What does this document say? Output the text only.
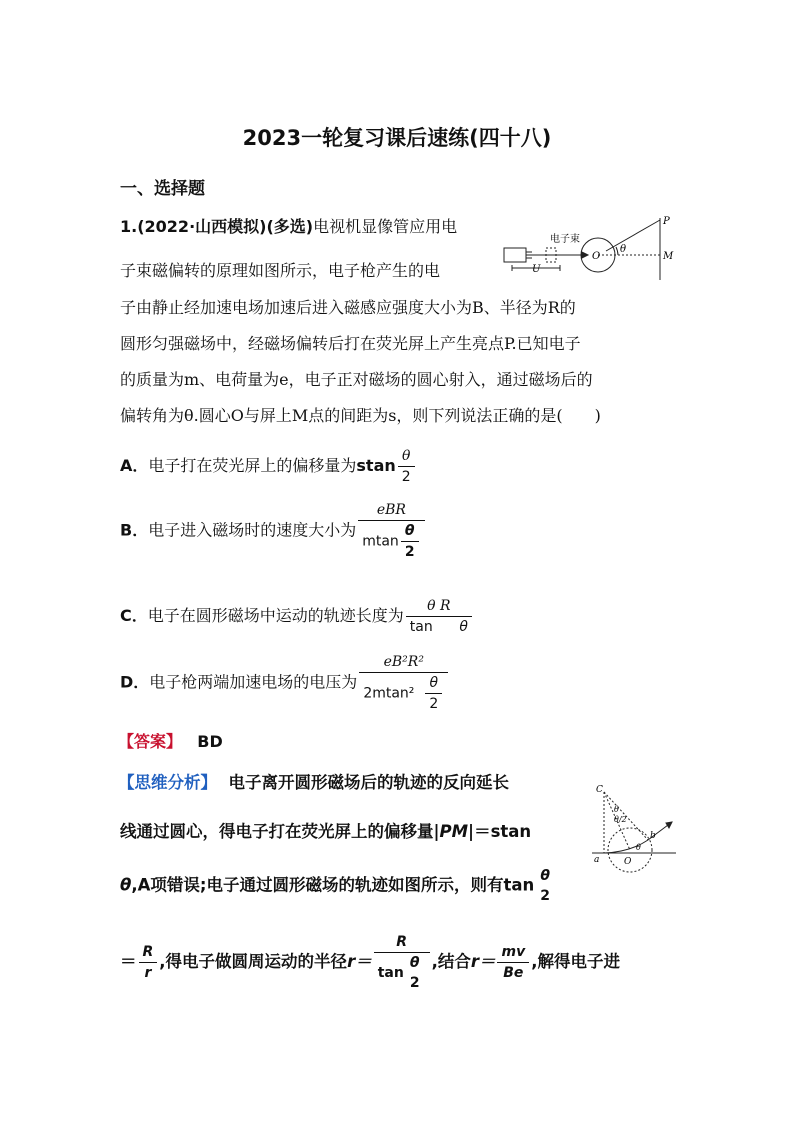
2023一轮复习课后速练(四十八)
一、选择题
1.(2022·山西模拟)(多选)电视机显像管应用电
子束磁偏转的原理如图所示，电子枪产生的电
子由静止经加速电场加速后进入磁感应强度大小为B、半径为R的
圆形匀强磁场中，经磁场偏转后打在荧光屏上产生亮点P.已知电子
的质量为m、电荷量为e，电子正对磁场的圆心射入，通过磁场后的
偏转角为θ.圆心O与屏上M点的间距为s，则下列说法正确的是(　　)
电子束
U
O
θ
P
M
A．电子打在荧光屏上的偏移量为stan $\frac{\theta}{2}$
B．电子进入磁场时的速度大小为 $\frac{\text{eBR}}{mtan \frac{\theta}{2}}$
C．电子在圆形磁场中运动的轨迹长度为 $\frac{\text{θ R}}{\text{tan θ}}$
D．电子枪两端加速电场的电压为 $\frac{\text{eB²R²}}{2mtan^2 \frac{\theta}{2}}$
【答案】 BD
【思维分析】 电子离开圆形磁场后的轨迹的反向延长
线通过圆心，得电子打在荧光屏上的偏移量|PM|＝stan
θ,A项错误;电子通过圆形磁场的轨迹如图所示，则有tan θ
2
＝ $\frac{R}{r}$ ,得电子做圆周运动的半径r＝ R
tan
θ
2 ,结合$r= \frac{mv}{Be}$ ,解得电子进
C
θ
θ/2
a
b
O
θ
